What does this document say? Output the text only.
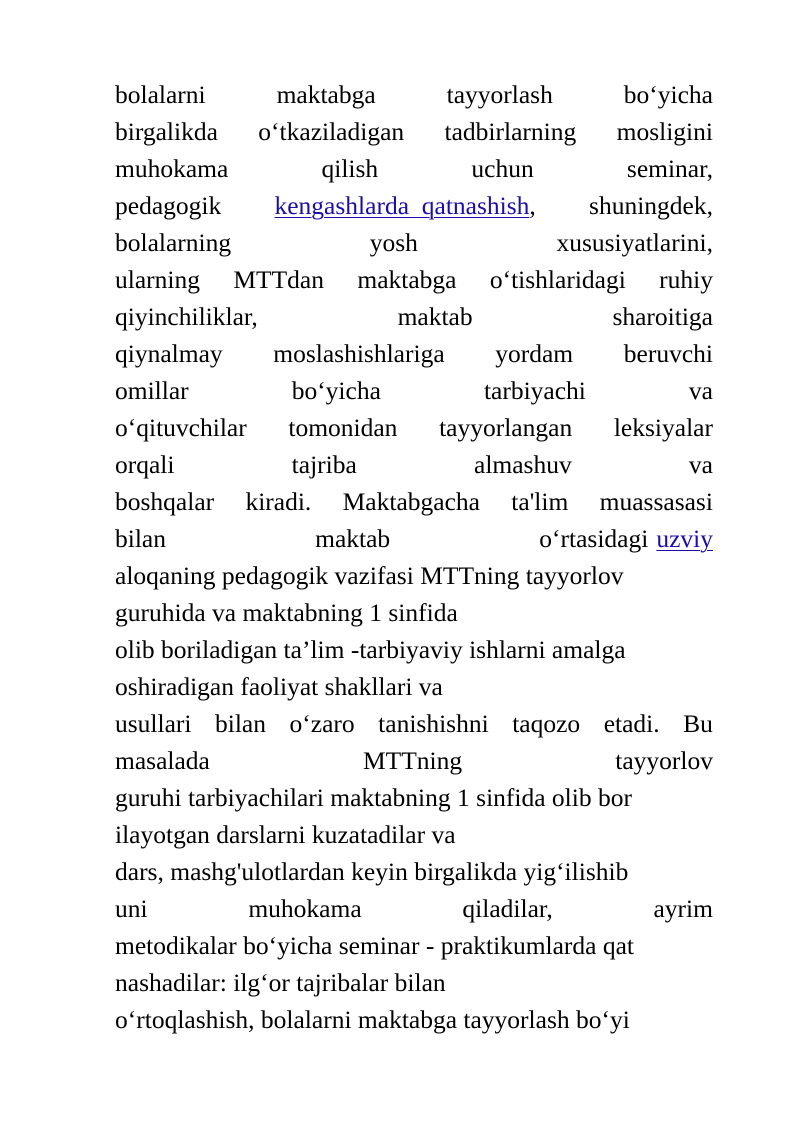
bolalarni	maktabga	tayyorlash	bo‘yicha
birgalikda o‘tkaziladigan tadbirlarning mosligini
muhokama	qilish	uchun	seminar,
pedagogik kengashlarda  qatnashish, shuningdek,
bolalarning	yosh	xususiyatlarini,
ularning MTTdan maktabga o‘tishlaridagi ruhiy
qiyinchiliklar,	maktab	sharoitiga
qiynalmay moslashishlariga yordam beruvchi
omillar	bo‘yicha	tarbiyachi	va
o‘qituvchilar tomonidan tayyorlangan leksiyalar
orqali	tajriba	almashuv	va
boshqalar kiradi. Maktabgacha ta'lim muassasasi
bilan	maktab	o‘rtasidagi uzviy
aloqaning pedagogik vazifasi MTTning tayyorlov
guruhida va maktabning 1 sinfida
olib boriladigan ta’lim -tarbiyaviy ishlarni amalga
oshiradigan faoliyat shakllari va
usullari bilan o‘zaro tanishishni taqozo etadi. Bu
masalada	MTTning	tayyorlov
guruhi tarbiyachilari maktabning 1 sinfida olib bor
ilayotgan darslarni kuzatadilar va
dars, mashg'ulotlardan keyin birgalikda yig‘ilishib
uni	muhokama	qiladilar,	ayrim
metodikalar bo‘yicha seminar - praktikumlarda qat
nashadilar: ilg‘or tajribalar bilan
o‘rtoqlashish, bolalarni maktabga tayyorlash bo‘yi
